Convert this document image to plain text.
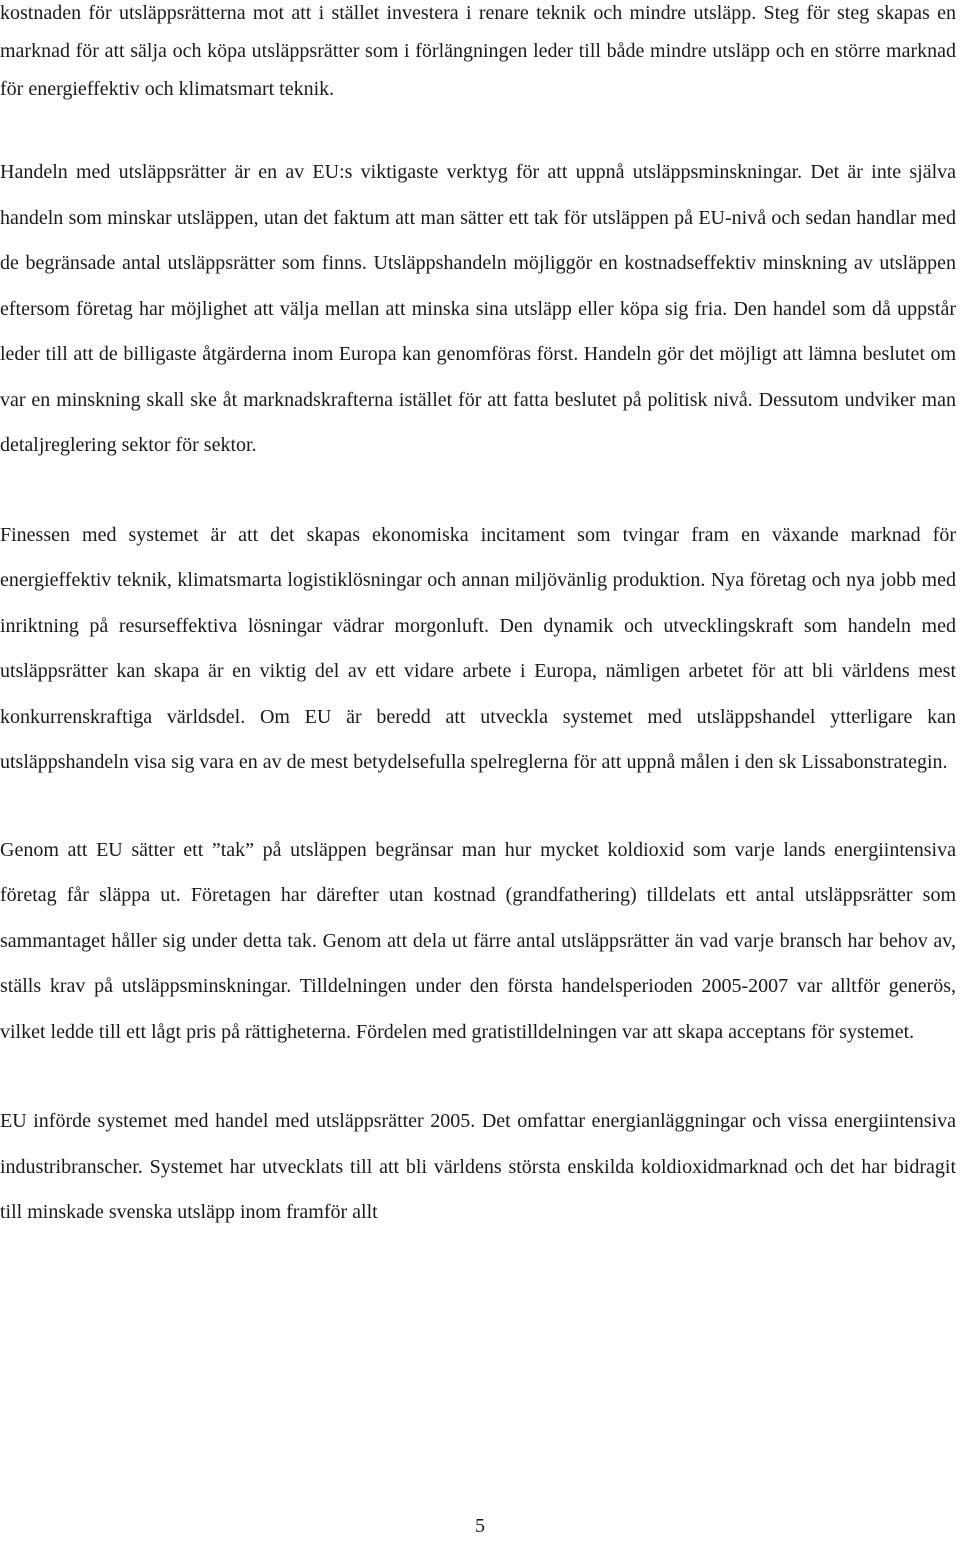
kostnaden för utsläppsrätterna mot att i stället investera i renare teknik och mindre utsläpp. Steg för steg skapas en marknad för att sälja och köpa utsläppsrätter som i förlängningen leder till både mindre utsläpp och en större marknad för energieffektiv och klimatsmart teknik.

Handeln med utsläppsrätter är en av EU:s viktigaste verktyg för att uppnå utsläppsminskningar. Det är inte själva handeln som minskar utsläppen, utan det faktum att man sätter ett tak för utsläppen på EU-nivå och sedan handlar med de begränsade antal utsläppsrätter som finns. Utsläppshandeln möjliggör en kostnadseffektiv minskning av utsläppen eftersom företag har möjlighet att välja mellan att minska sina utsläpp eller köpa sig fria. Den handel som då uppstår leder till att de billigaste åtgärderna inom Europa kan genomföras först. Handeln gör det möjligt att lämna beslutet om var en minskning skall ske åt marknadskrafterna istället för att fatta beslutet på politisk nivå. Dessutom undviker man detaljreglering sektor för sektor.

Finessen med systemet är att det skapas ekonomiska incitament som tvingar fram en växande marknad för energieffektiv teknik, klimatsmarta logistiklösningar och annan miljövänlig produktion. Nya företag och nya jobb med inriktning på resurseffektiva lösningar vädrar morgonluft. Den dynamik och utvecklingskraft som handeln med utsläppsrätter kan skapa är en viktig del av ett vidare arbete i Europa, nämligen arbetet för att bli världens mest konkurrenskraftiga världsdel. Om EU är beredd att utveckla systemet med utsläppshandel ytterligare kan utsläppshandeln visa sig vara en av de mest betydelsefulla spelreglerna för att uppnå målen i den sk Lissabonstrategin.

Genom att EU sätter ett ”tak” på utsläppen begränsar man hur mycket koldioxid som varje lands energiintensiva företag får släppa ut. Företagen har därefter utan kostnad (grandfathering) tilldelats ett antal utsläppsrätter som sammantaget håller sig under detta tak. Genom att dela ut färre antal utsläppsrätter än vad varje bransch har behov av, ställs krav på utsläppsminskningar. Tilldelningen under den första handelsperioden 2005-2007 var alltför generös, vilket ledde till ett lågt pris på rättigheterna. Fördelen med gratistilldelningen var att skapa acceptans för systemet.

EU införde systemet med handel med utsläppsrätter 2005. Det omfattar energianläggningar och vissa energiintensiva industribranscher. Systemet har utvecklats till att bli världens största enskilda koldioxidmarknad och det har bidragit till minskade svenska utsläpp inom framför allt

5
